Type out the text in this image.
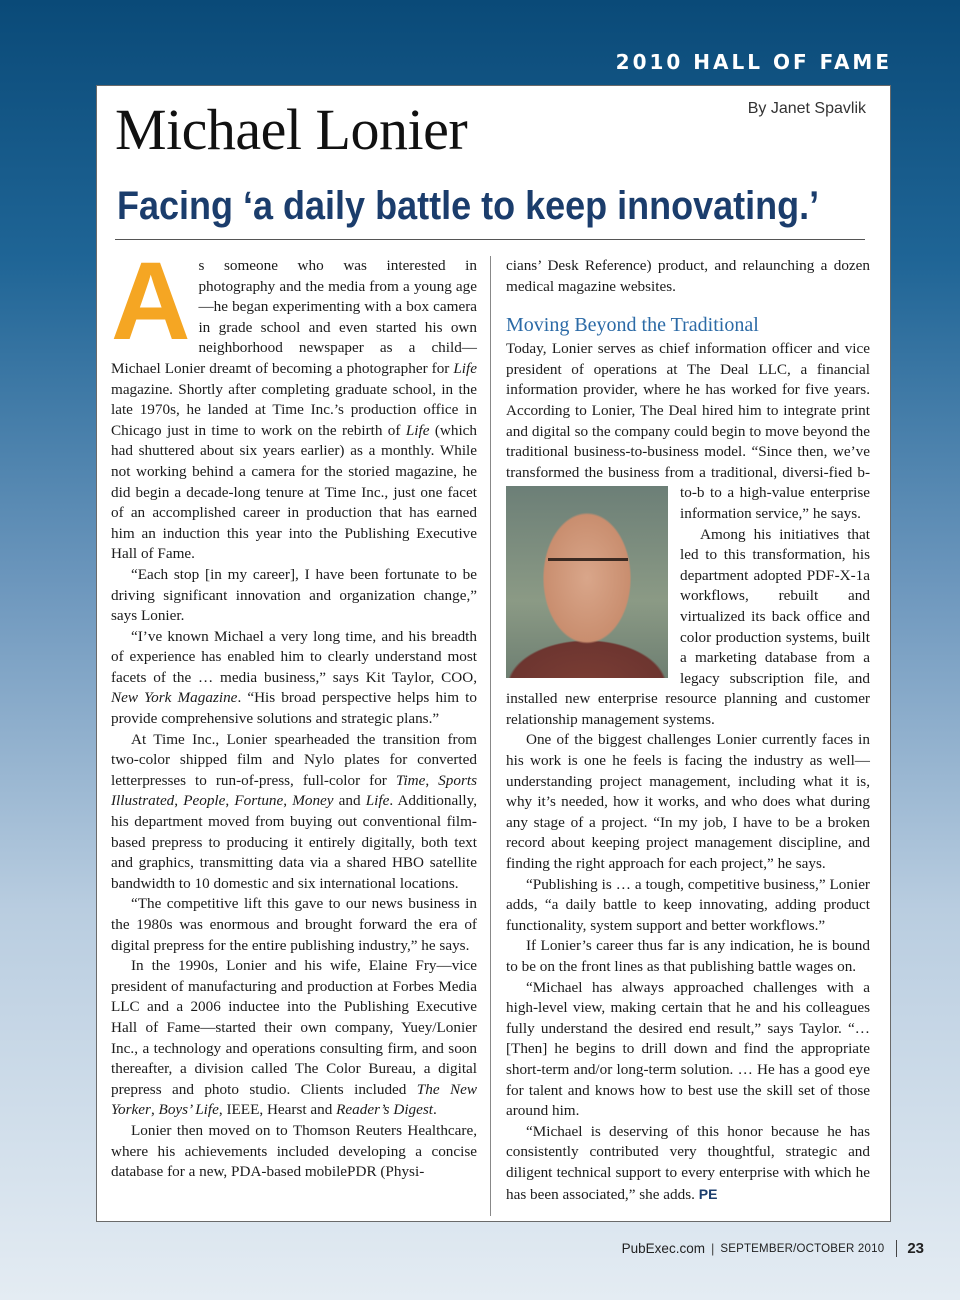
2010 HALL OF FAME
Michael Lonier	By Janet Spavlik
Facing ‘a daily battle to keep innovating.’

As someone who was interested in photography and the media from a young age—he began experimenting with a box camera in grade school and even started his own neighborhood newspaper as a child—Michael Lonier dreamt of becoming a photographer for Life magazine. Shortly after completing graduate school, in the late 1970s, he landed at Time Inc.’s production office in Chicago just in time to work on the rebirth of Life (which had shuttered about six years earlier) as a monthly. While not working behind a camera for the storied magazine, he did begin a decade-long tenure at Time Inc., just one facet of an accomplished career in production that has earned him an induction this year into the Publishing Executive Hall of Fame.

“Each stop [in my career], I have been fortunate to be driving significant innovation and organization change,” says Lonier.

“I’ve known Michael a very long time, and his breadth of experience has enabled him to clearly understand most facets of the … media business,” says Kit Taylor, COO, New York Magazine. “His broad perspective helps him to provide comprehensive solutions and strategic plans.”

At Time Inc., Lonier spearheaded the transition from two-color shipped film and Nylo plates for converted letterpresses to run-of-press, full-color for Time, Sports Illustrated, People, Fortune, Money and Life. Additionally, his department moved from buying out conventional film-based prepress to producing it entirely digitally, both text and graphics, transmitting data via a shared HBO satellite bandwidth to 10 domestic and six international locations.

“The competitive lift this gave to our news business in the 1980s was enormous and brought forward the era of digital prepress for the entire publishing industry,” he says.

In the 1990s, Lonier and his wife, Elaine Fry—vice president of manufacturing and production at Forbes Media LLC and a 2006 inductee into the Publishing Executive Hall of Fame—started their own company, Yuey/Lonier Inc., a technology and operations consulting firm, and soon thereafter, a division called The Color Bureau, a digital prepress and photo studio. Clients included The New Yorker, Boys’ Life, IEEE, Hearst and Reader’s Digest.

Lonier then moved on to Thomson Reuters Healthcare, where his achievements included developing a concise database for a new, PDA-based mobilePDR (Physi-

cians’ Desk Reference) product, and relaunching a dozen medical magazine websites.

Moving Beyond the Traditional

Today, Lonier serves as chief information officer and vice president of operations at The Deal LLC, a financial information provider, where he has worked for five years. According to Lonier, The Deal hired him to integrate print and digital so the company could begin to move beyond the traditional business-to-business model. “Since then, we’ve transformed the business from a traditional, diversi-
fied b-to-b to a high-value enterprise information service,” he says.

Among his initiatives that led to this transformation, his department adopted PDF-X-1a workflows, rebuilt and virtualized its back office and color production systems, built a marketing database from a legacy subscription file, and installed new enterprise resource planning and customer relationship management systems.

One of the biggest challenges Lonier currently faces in his work is one he feels is facing the industry as well—understanding project management, including what it is, why it’s needed, how it works, and who does what during any stage of a project. “In my job, I have to be a broken record about keeping project management discipline, and finding the right approach for each project,” he says.

“Publishing is … a tough, competitive business,” Lonier adds, “a daily battle to keep innovating, adding product functionality, system support and better workflows.”

If Lonier’s career thus far is any indication, he is bound to be on the front lines as that publishing battle wages on.

“Michael has always approached challenges with a high-level view, making certain that he and his colleagues fully understand the desired end result,” says Taylor. “… [Then] he begins to drill down and find the appropriate short-term and/or long-term solution. … He has a good eye for talent and knows how to best use the skill set of those around him.

“Michael is deserving of this honor because he has consistently contributed very thoughtful, strategic and diligent technical support to every enterprise with which he has been associated,” she adds. PE

PubExec.com | SEPTEMBER/OCTOBER 2010	23
